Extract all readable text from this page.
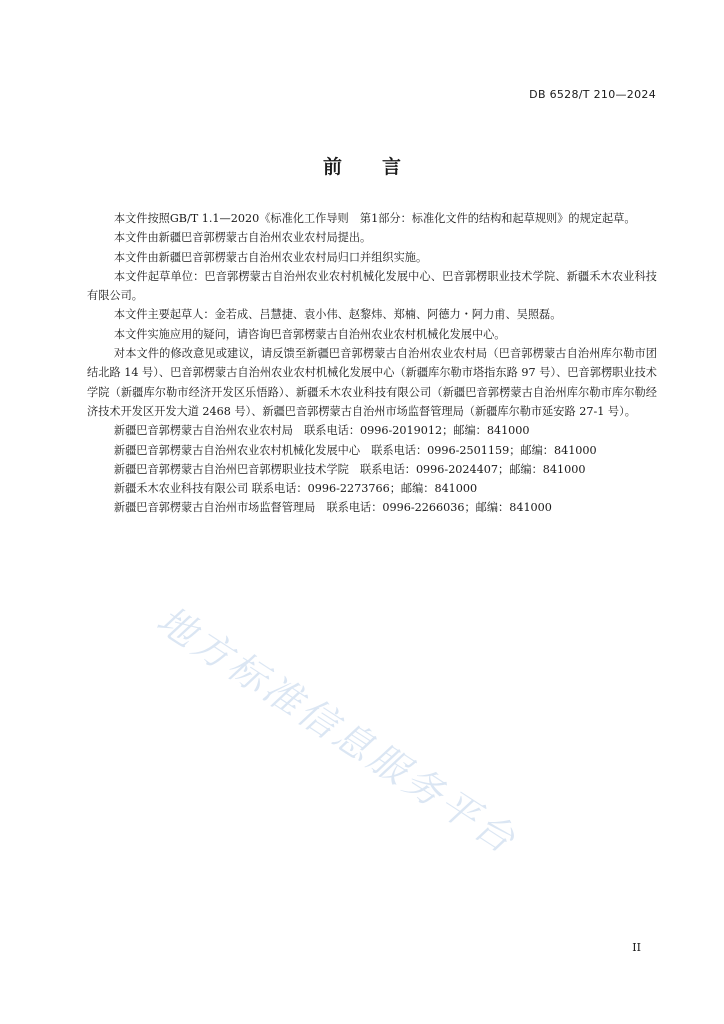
DB 6528/T 210—2024
前言

本文件按照GB/T 1.1—2020《标准化工作导则　第1部分：标准化文件的结构和起草规则》的规定起草。

本文件由新疆巴音郭楞蒙古自治州农业农村局提出。

本文件由新疆巴音郭楞蒙古自治州农业农村局归口并组织实施。

本文件起草单位：巴音郭楞蒙古自治州农业农村机械化发展中心、巴音郭楞职业技术学院、新疆禾木农业科技有限公司。

本文件主要起草人：金若成、吕慧捷、袁小伟、赵黎炜、郑楠、阿德力・阿力甫、吴照磊。

本文件实施应用的疑问，请咨询巴音郭楞蒙古自治州农业农村机械化发展中心。

对本文件的修改意见或建议，请反馈至新疆巴音郭楞蒙古自治州农业农村局（巴音郭楞蒙古自治州库尔勒市团结北路 14 号）、巴音郭楞蒙古自治州农业农村机械化发展中心（新疆库尔勒市塔指东路 97 号）、巴音郭楞职业技术学院（新疆库尔勒市经济开发区乐悟路）、新疆禾木农业科技有限公司（新疆巴音郭楞蒙古自治州库尔勒市库尔勒经济技术开发区开发大道 2468 号）、新疆巴音郭楞蒙古自治州市场监督管理局（新疆库尔勒市延安路 27-1 号）。

新疆巴音郭楞蒙古自治州农业农村局　联系电话：0996-2019012；邮编：841000

新疆巴音郭楞蒙古自治州农业农村机械化发展中心　联系电话：0996-2501159；邮编：841000

新疆巴音郭楞蒙古自治州巴音郭楞职业技术学院　联系电话：0996-2024407；邮编：841000

新疆禾木农业科技有限公司 联系电话：0996-2273766；邮编：841000

新疆巴音郭楞蒙古自治州市场监督管理局　联系电话：0996-2266036；邮编：841000

地方标准信息服务平台
II
